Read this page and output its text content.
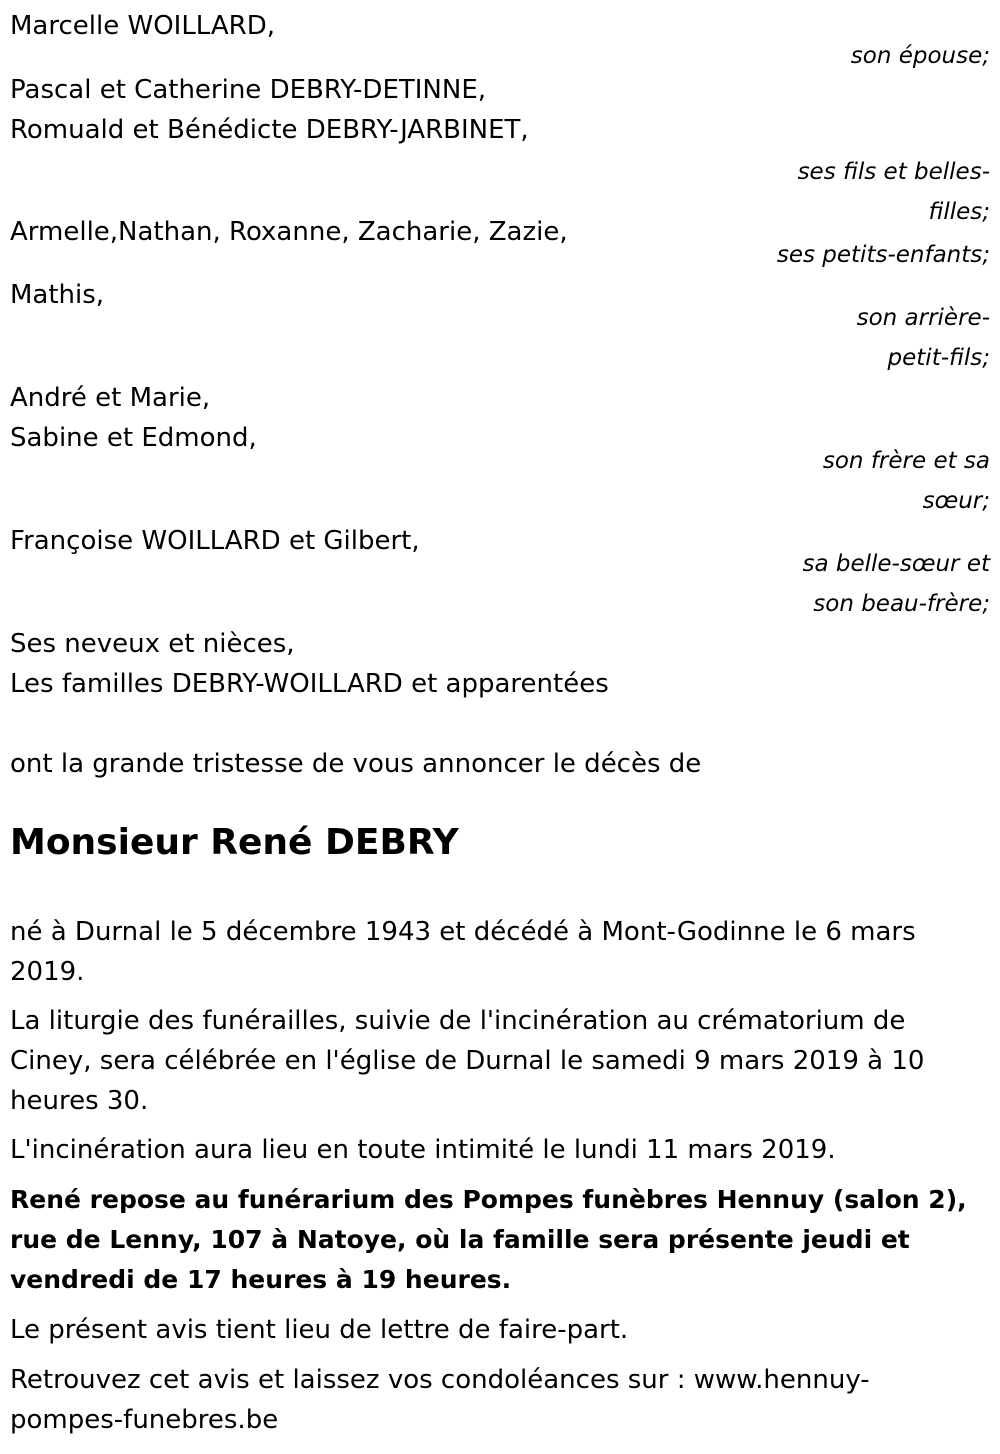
Marcelle WOILLARD,
son épouse;
Pascal et Catherine DEBRY-DETINNE,
Romuald et Bénédicte DEBRY-JARBINET,
ses fils et belles-
filles;
Armelle,Nathan, Roxanne, Zacharie, Zazie,
ses petits-enfants;
Mathis,
son arrière-
petit-fils;
André et Marie,
Sabine et Edmond,
son frère et sa
sœur;
Françoise WOILLARD et Gilbert,
sa belle-sœur et
son beau-frère;
Ses neveux et nièces,
Les familles DEBRY-WOILLARD et apparentées
ont la grande tristesse de vous annoncer le décès de
Monsieur René DEBRY
né à Durnal le 5 décembre 1943 et décédé à Mont-Godinne le 6 mars
2019.
La liturgie des funérailles, suivie de l'incinération au crématorium de
Ciney, sera célébrée en l'église de Durnal le samedi 9 mars 2019 à 10
heures 30.
L'incinération aura lieu en toute intimité le lundi 11 mars 2019.
René repose au funérarium des Pompes funèbres Hennuy (salon 2),
rue de Lenny, 107 à Natoye, où la famille sera présente jeudi et
vendredi de 17 heures à 19 heures.
Le présent avis tient lieu de lettre de faire-part.
Retrouvez cet avis et laissez vos condoléances sur : www.hennuy-
pompes-funebres.be
